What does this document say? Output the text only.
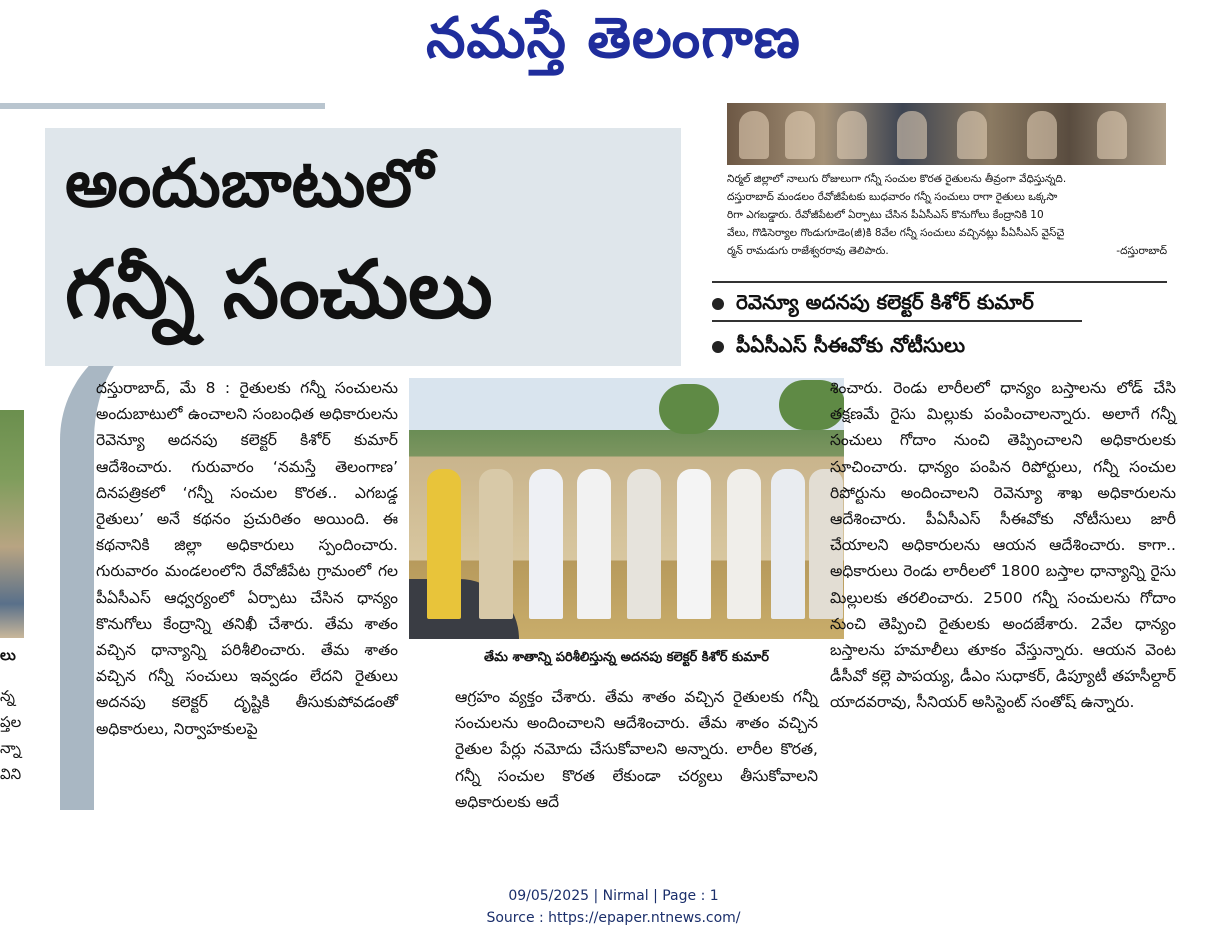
నమస్తే తెలంగాణ
అందుబాటులో
గన్నీ సంచులు
నిర్మల్ జిల్లాలో నాలుగు రోజులుగా గన్నీ సంచుల కొరత రైతులను తీవ్రంగా వేధిస్తున్నది.
దస్తురాబాద్ మండలం రేవోజీపేటకు బుధవారం గన్నీ సంచులు రాగా రైతులు ఒక్కసా
రిగా ఎగబడ్డారు. రేవోజీపేటలో ఏర్పాటు చేసిన పీఏసీఎస్ కొనుగోలు కేంద్రానికి 10
వేలు, గొడిసెర్యాల గొండుగూడెం(జీ)కి 8వేల గన్నీ సంచులు వచ్చినట్లు పీఏసీఎస్ వైస్‌చై
ర్మన్ రామడుగు రాజేశ్వరరావు తెలిపారు.	-దస్తురాబాద్
రెవెన్యూ అదనపు కలెక్టర్ కిశోర్ కుమార్
పీఏసీఎస్ సీఈవోకు నోటీసులు
లు
న్న
ప్తల
న్నా
విని

దస్తురాబాద్, మే 8 : రైతులకు గన్నీ సంచులను అందుబాటులో ఉంచాలని సంబంధిత అధికారులను రెవెన్యూ అదనపు కలెక్టర్ కిశోర్ కుమార్ ఆదేశించారు. గురువారం ‘నమస్తే తెలంగాణ’ దినపత్రికలో ‘గన్నీ సంచుల కొరత.. ఎగబడ్డ రైతులు’ అనే కథనం ప్రచురితం అయింది. ఈ కథనానికి జిల్లా అధికారులు స్పందించారు. గురువారం మండలంలోని రేవోజీపేట గ్రామంలో గల పీఏసీఎస్ ఆధ్వర్యంలో ఏర్పాటు చేసిన ధాన్యం కొనుగోలు కేంద్రాన్ని తనిఖీ చేశారు. తేమ శాతం వచ్చిన ధాన్యాన్ని పరిశీలించారు. తేమ శాతం వచ్చిన గన్నీ సంచులు ఇవ్వడం లేదని రైతులు అదనపు కలెక్టర్ దృష్టికి తీసుకుపోవడంతో అధికారులు, నిర్వాహకులపై

తేమ శాతాన్ని పరిశీలిస్తున్న అదనపు కలెక్టర్ కిశోర్ కుమార్

ఆగ్రహం వ్యక్తం చేశారు. తేమ శాతం వచ్చిన రైతులకు గన్నీ సంచులను అందించాలని ఆదేశించారు. తేమ శాతం వచ్చిన రైతుల పేర్లు నమోదు చేసుకోవాలని అన్నారు. లారీల కొరత, గన్నీ సంచుల కొరత లేకుండా చర్యలు తీసుకోవాలని అధికారులకు ఆదే

శించారు. రెండు లారీలలో ధాన్యం బస్తాలను లోడ్ చేసి తక్షణమే రైసు మిల్లుకు పంపించాలన్నారు. అలాగే గన్నీ సంచులు గోదాం నుంచి తెప్పించాలని అధికారులకు సూచించారు. ధాన్యం పంపిన రిపోర్టులు, గన్నీ సంచుల రిపోర్టును అందించాలని రెవెన్యూ శాఖ అధికారులను ఆదేశించారు. పీఏసీఎస్ సీఈవోకు నోటీసులు జారీ చేయాలని అధికారులను ఆయన ఆదేశించారు. కాగా.. అధికారులు రెండు లారీలలో 1800 బస్తాల ధాన్యాన్ని రైసు మిల్లులకు తరలించారు. 2500 గన్నీ సంచులను గోదాం నుంచి తెప్పించి రైతులకు అందజేశారు. 2వేల ధాన్యం బస్తాలను హమాలీలు తూకం వేస్తున్నారు. ఆయన వెంట డీసీవో కల్లె పాపయ్య, డీఎం సుధాకర్, డిప్యూటీ తహసీల్దార్ యాదవరావు, సీనియర్ అసిస్టెంట్ సంతోష్ ఉన్నారు.

09/05/2025 | Nirmal | Page : 1
Source : https://epaper.ntnews.com/
